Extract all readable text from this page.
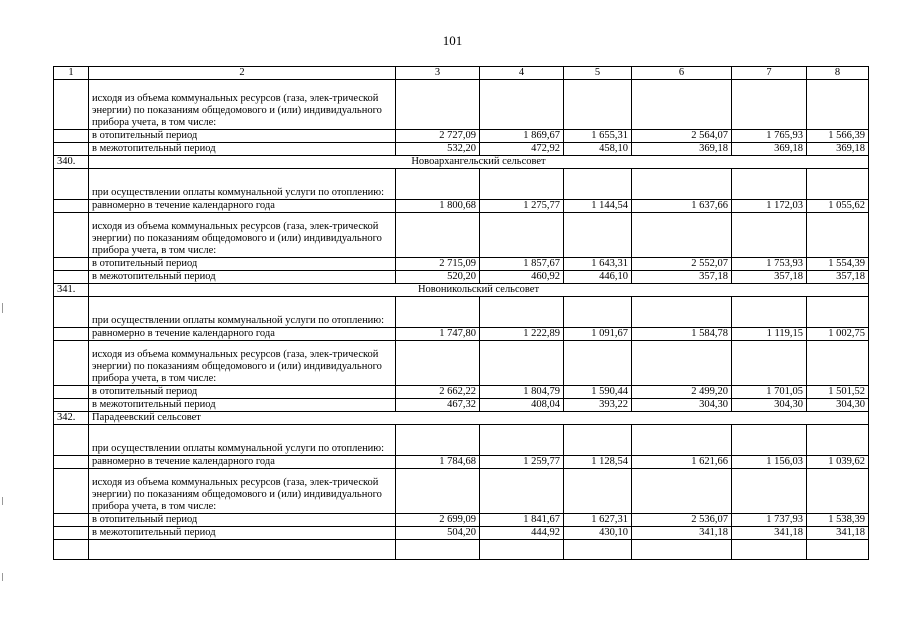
101
1	2	3	4	5	6	7	8
	исходя из объема коммунальных ресурсов (газа, элек-трической энергии) по показаниям общедомового и (или) индивидуального прибора учета, в том числе:						
	в отопительный период	2 727,09	1 869,67	1 655,31	2 564,07	1 765,93	1 566,39
	в межотопительный период	532,20	472,92	458,10	369,18	369,18	369,18
340.	Новоархангельский сельсовет						
	при осуществлении оплаты коммунальной услуги по отоплению:						
	равномерно в течение календарного года	1 800,68	1 275,77	1 144,54	1 637,66	1 172,03	1 055,62
	исходя из объема коммунальных ресурсов (газа, элек-трической энергии) по показаниям общедомового и (или) индивидуального прибора учета, в том числе:						
	в отопительный период	2 715,09	1 857,67	1 643,31	2 552,07	1 753,93	1 554,39
	в межотопительный период	520,20	460,92	446,10	357,18	357,18	357,18
341.	Новоникольский сельсовет						
	при осуществлении оплаты коммунальной услуги по отоплению:						
	равномерно в течение календарного года	1 747,80	1 222,89	1 091,67	1 584,78	1 119,15	1 002,75
	исходя из объема коммунальных ресурсов (газа, элек-трической энергии) по показаниям общедомового и (или) индивидуального прибора учета, в том числе:						
	в отопительный период	2 662,22	1 804,79	1 590,44	2 499,20	1 701,05	1 501,52
	в межотопительный период	467,32	408,04	393,22	304,30	304,30	304,30
342.	Парадеевский сельсовет						
	при осуществлении оплаты коммунальной услуги по отоплению:						
	равномерно в течение календарного года	1 784,68	1 259,77	1 128,54	1 621,66	1 156,03	1 039,62
	исходя из объема коммунальных ресурсов (газа, элек-трической энергии) по показаниям общедомового и (или) индивидуального прибора учета, в том числе:						
	в отопительный период	2 699,09	1 841,67	1 627,31	2 536,07	1 737,93	1 538,39
	в межотопительный период	504,20	444,92	430,10	341,18	341,18	341,18
